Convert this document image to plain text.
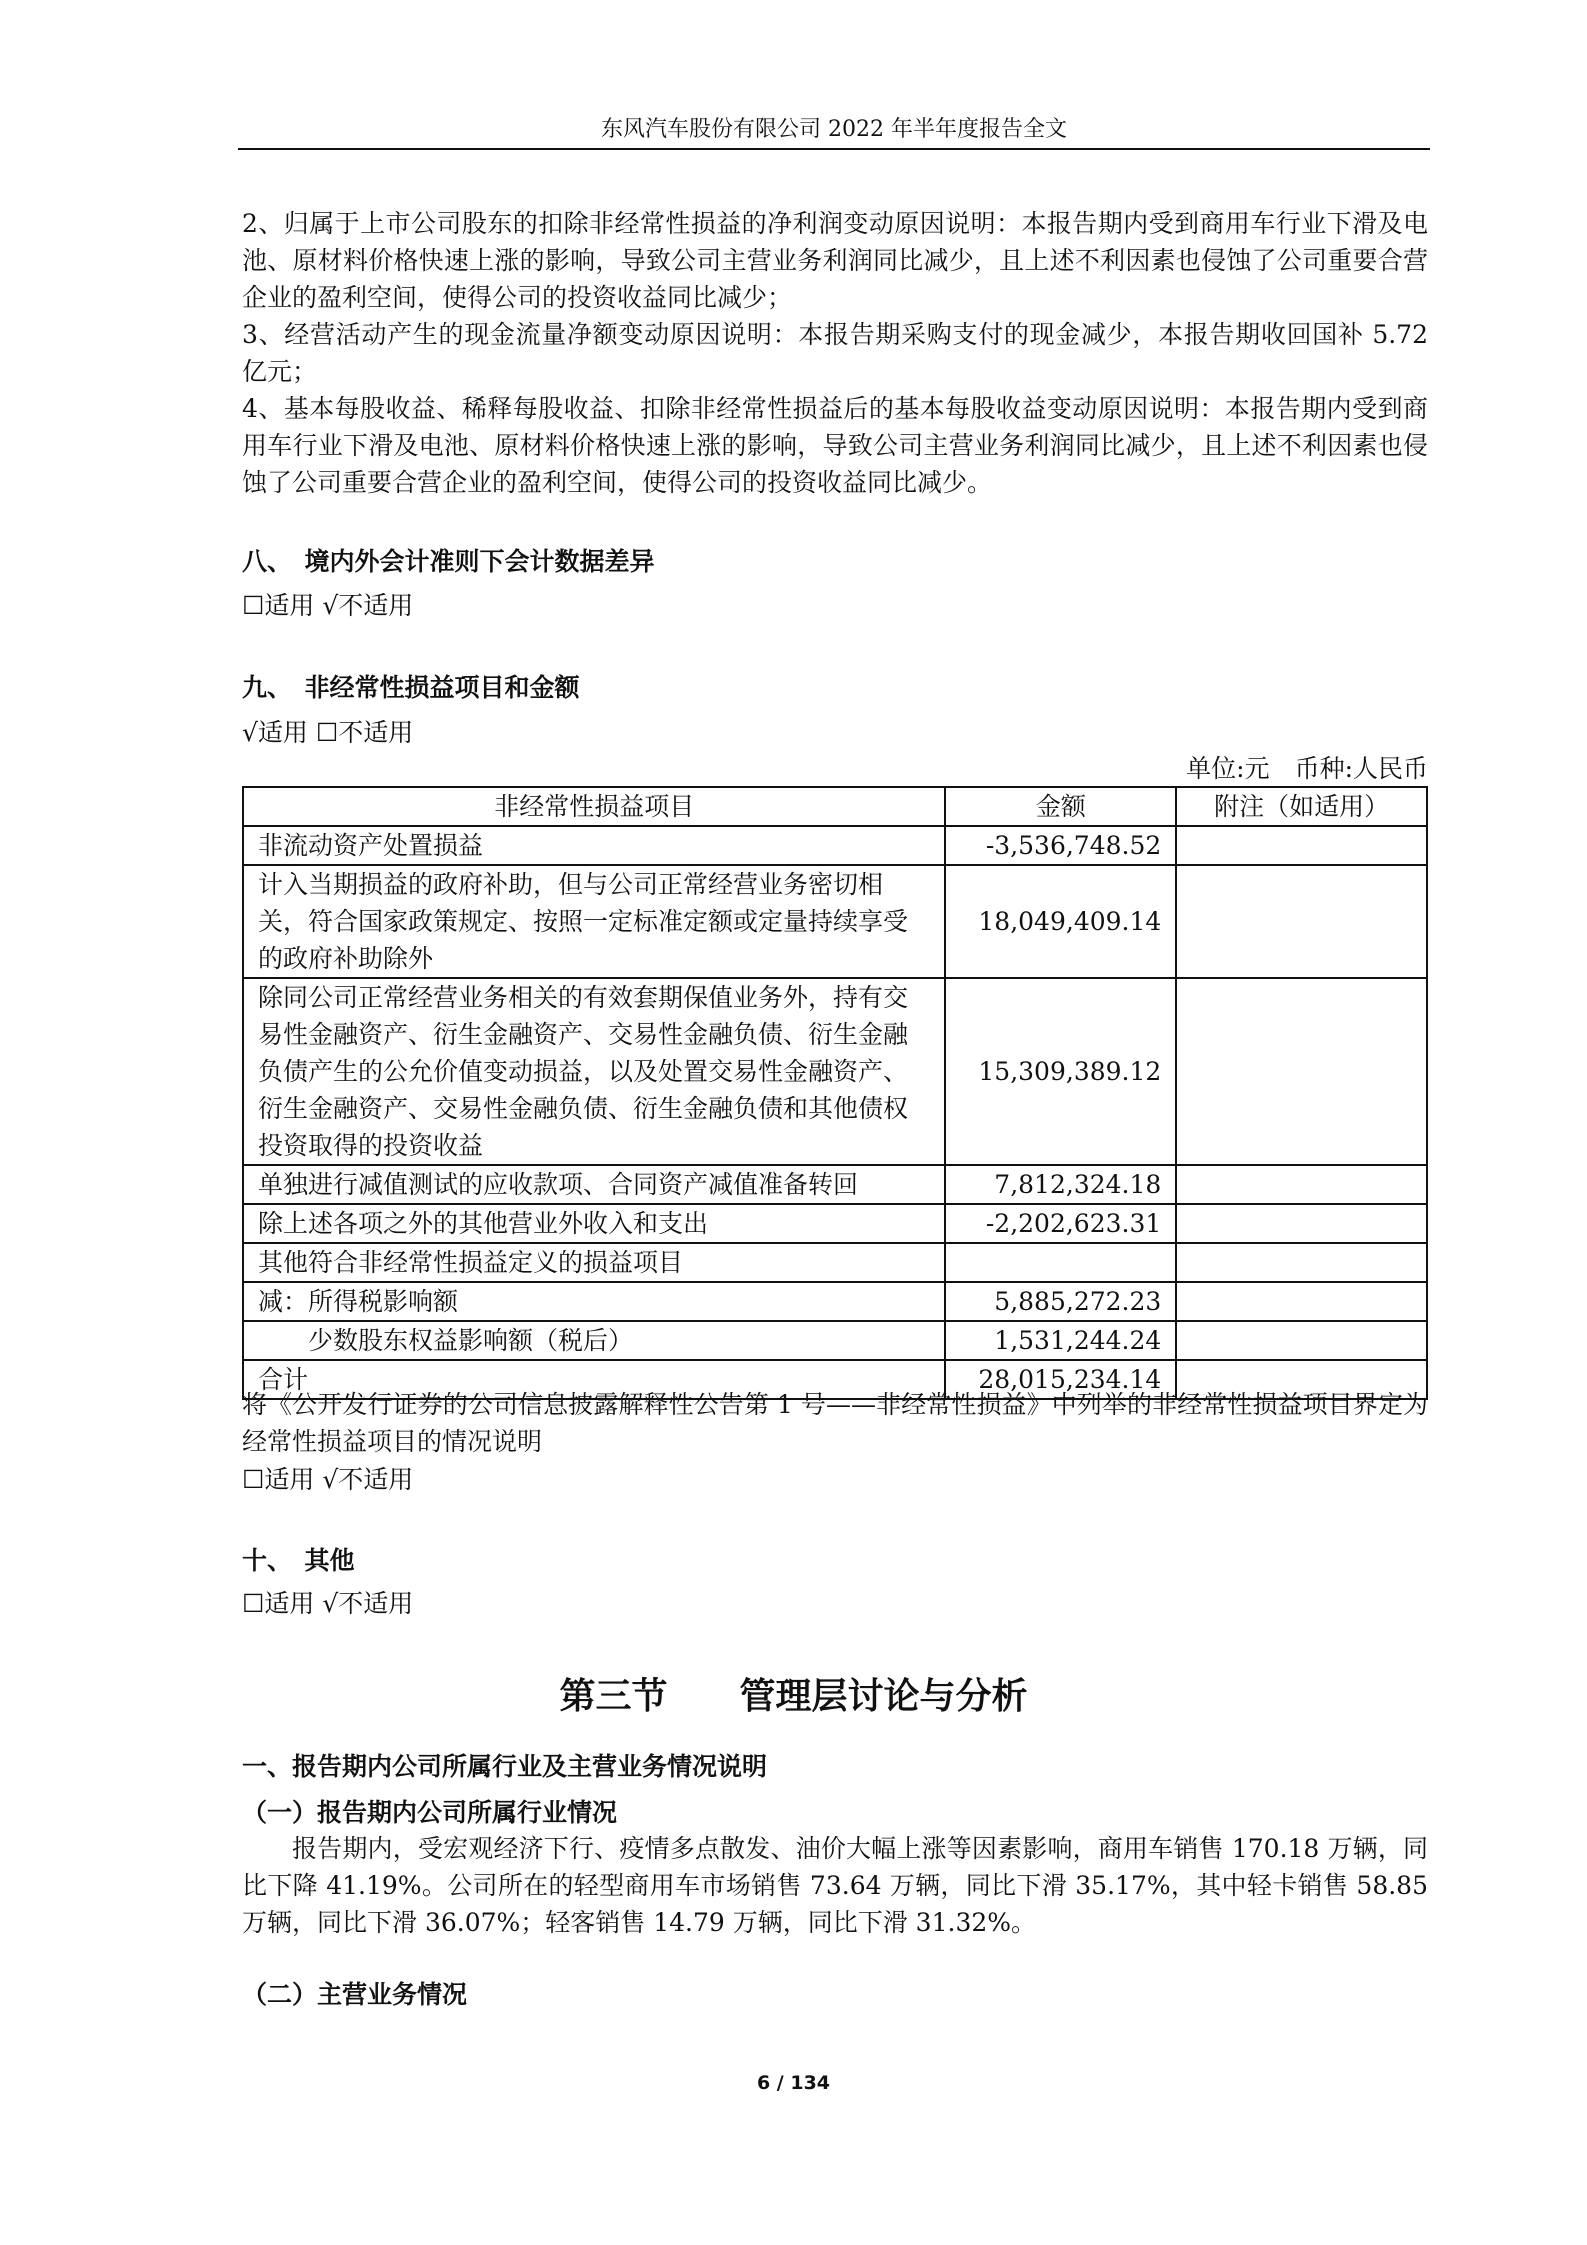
东风汽车股份有限公司 2022 年半年度报告全文
2、归属于上市公司股东的扣除非经常性损益的净利润变动原因说明：本报告期内受到商用车行业下滑及电池、原材料价格快速上涨的影响，导致公司主营业务利润同比减少，且上述不利因素也侵蚀了公司重要合营企业的盈利空间，使得公司的投资收益同比减少；
3、经营活动产生的现金流量净额变动原因说明：本报告期采购支付的现金减少，本报告期收回国补 5.72 亿元；
4、基本每股收益、稀释每股收益、扣除非经常性损益后的基本每股收益变动原因说明：本报告期内受到商用车行业下滑及电池、原材料价格快速上涨的影响，导致公司主营业务利润同比减少，且上述不利因素也侵蚀了公司重要合营企业的盈利空间，使得公司的投资收益同比减少。
八、　境内外会计准则下会计数据差异
☐适用 √不适用
九、　非经常性损益项目和金额
√适用 ☐不适用
单位:元　币种:人民币
非经常性损益项目	金额	附注（如适用）
非流动资产处置损益	-3,536,748.52	
计入当期损益的政府补助，但与公司正常经营业务密切相关，符合国家政策规定、按照一定标准定额或定量持续享受的政府补助除外	18,049,409.14	
除同公司正常经营业务相关的有效套期保值业务外，持有交易性金融资产、衍生金融资产、交易性金融负债、衍生金融负债产生的公允价值变动损益，以及处置交易性金融资产、衍生金融资产、交易性金融负债、衍生金融负债和其他债权投资取得的投资收益	15,309,389.12	
单独进行减值测试的应收款项、合同资产减值准备转回	7,812,324.18	
除上述各项之外的其他营业外收入和支出	-2,202,623.31	
其他符合非经常性损益定义的损益项目		
减：所得税影响额	5,885,272.23	
　　少数股东权益影响额（税后）	1,531,244.24	
合计	28,015,234.14	
将《公开发行证券的公司信息披露解释性公告第 1 号——非经常性损益》中列举的非经常性损益项目界定为经常性损益项目的情况说明
☐适用 √不适用
十、　其他
☐适用 √不适用
第三节　　管理层讨论与分析
一、报告期内公司所属行业及主营业务情况说明
（一）报告期内公司所属行业情况
报告期内，受宏观经济下行、疫情多点散发、油价大幅上涨等因素影响，商用车销售 170.18 万辆，同比下降 41.19%。公司所在的轻型商用车市场销售 73.64 万辆，同比下滑 35.17%，其中轻卡销售 58.85 万辆，同比下滑 36.07%；轻客销售 14.79 万辆，同比下滑 31.32%。
（二）主营业务情况
6 / 134
